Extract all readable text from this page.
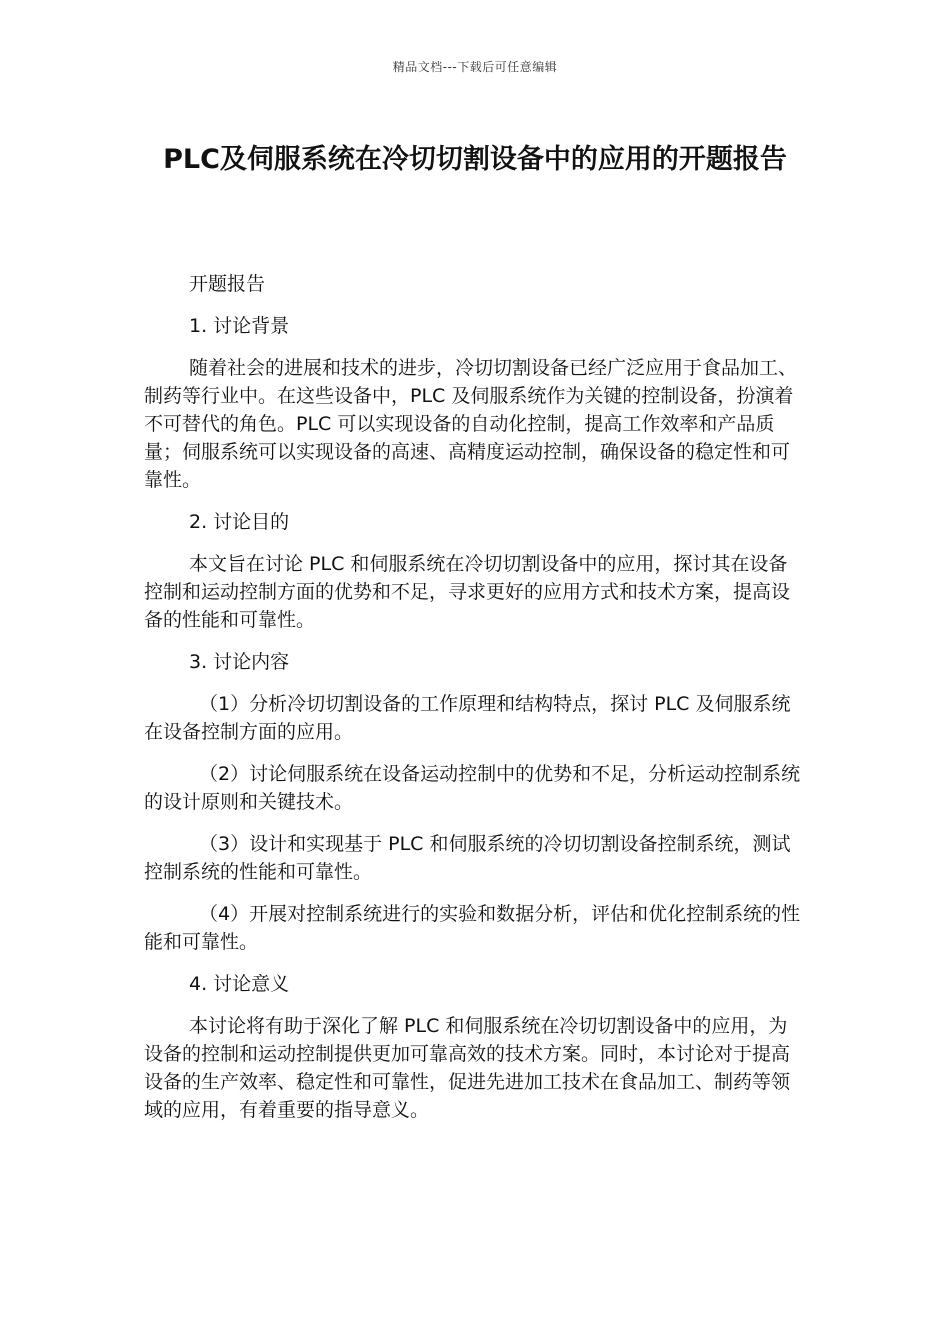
精品文档---下载后可任意编辑
PLC及伺服系统在冷切切割设备中的应用的开题报告

开题报告

1. 讨论背景

随着社会的进展和技术的进步，冷切切割设备已经广泛应用于食品加工、制药等行业中。在这些设备中，PLC 及伺服系统作为关键的控制设备，扮演着不可替代的角色。PLC 可以实现设备的自动化控制，提高工作效率和产品质量；伺服系统可以实现设备的高速、高精度运动控制，确保设备的稳定性和可靠性。

2. 讨论目的

本文旨在讨论 PLC 和伺服系统在冷切切割设备中的应用，探讨其在设备控制和运动控制方面的优势和不足，寻求更好的应用方式和技术方案，提高设备的性能和可靠性。

3. 讨论内容

（1）分析冷切切割设备的工作原理和结构特点，探讨 PLC 及伺服系统在设备控制方面的应用。

（2）讨论伺服系统在设备运动控制中的优势和不足，分析运动控制系统的设计原则和关键技术。

（3）设计和实现基于 PLC 和伺服系统的冷切切割设备控制系统，测试控制系统的性能和可靠性。

（4）开展对控制系统进行的实验和数据分析，评估和优化控制系统的性能和可靠性。

4. 讨论意义

本讨论将有助于深化了解 PLC 和伺服系统在冷切切割设备中的应用，为设备的控制和运动控制提供更加可靠高效的技术方案。同时，本讨论对于提高设备的生产效率、稳定性和可靠性，促进先进加工技术在食品加工、制药等领域的应用，有着重要的指导意义。
